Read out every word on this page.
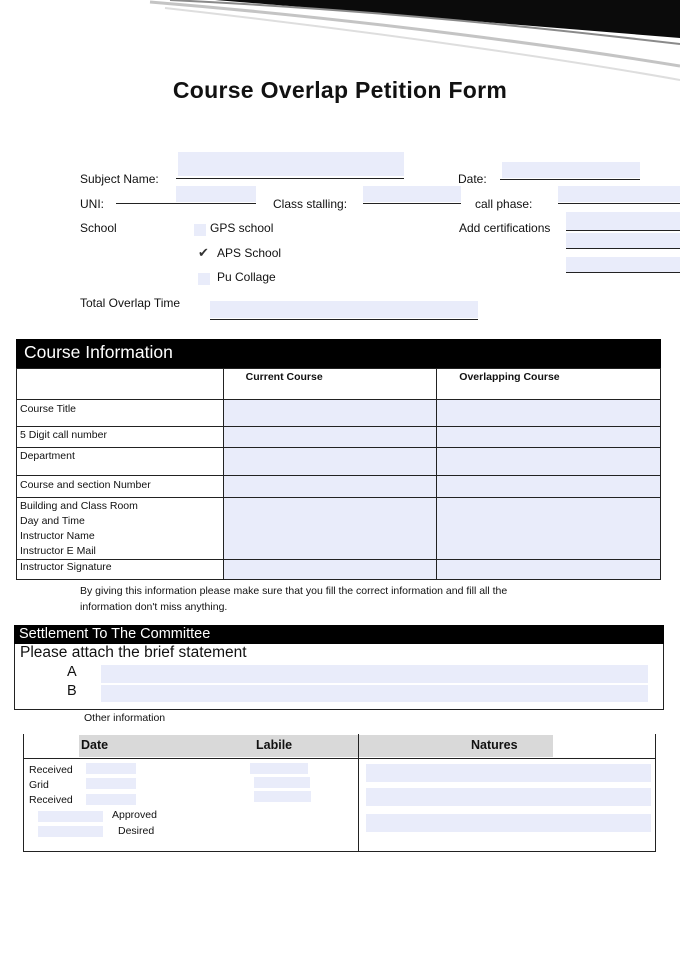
Course Overlap Petition Form
Subject Name:	Date:
UNI:	Class stalling:	call phase:
School	GPS school
✔ APS School
Pu Collage
Add certifications
Total Overlap Time
Course Information
	Current Course	Overlapping Course
Course Title		
5 Digit call number		
Department		
Course and section Number		

Building and Class Room
Day and Time
Instructor Name
Instructor E Mail		

Instructor Signature		
By giving this information please make sure that you fill the correct information and fill all the
information don't miss anything.
Settlement To The Committee
Please attach the brief statement
A
B
Other information
Date	Labile	Natures
Received
Grid
Received
Approved
Desired
